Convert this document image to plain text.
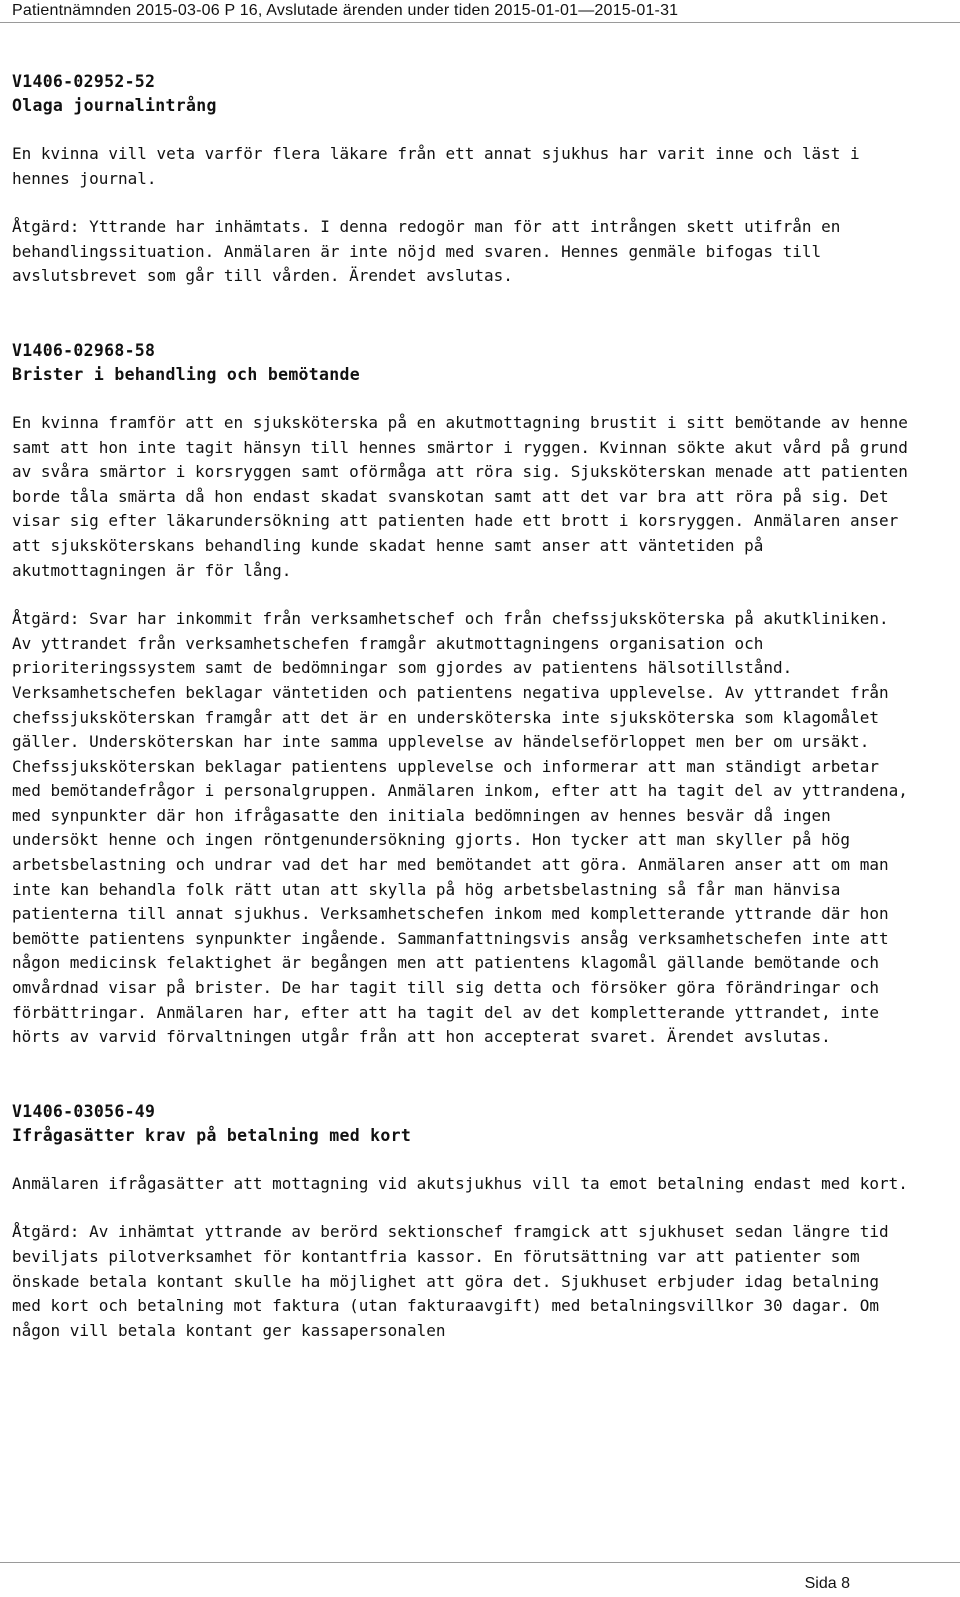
Patientnämnden 2015-03-06 P 16, Avslutade ärenden under tiden 2015-01-01—2015-01-31

V1406-02952-52

Olaga journalintrång

En kvinna vill veta varför flera läkare från ett annat sjukhus har varit inne och läst i hennes journal.

Åtgärd: Yttrande har inhämtats. I denna redogör man för att intrången skett utifrån en behandlingssituation. Anmälaren är inte nöjd med svaren. Hennes genmäle bifogas till avslutsbrevet som går till vården. Ärendet avslutas.

V1406-02968-58

Brister i behandling och bemötande

En kvinna framför att en sjuksköterska på en akutmottagning brustit i sitt bemötande av henne samt att hon inte tagit hänsyn till hennes smärtor i ryggen. Kvinnan sökte akut vård på grund av svåra smärtor i korsryggen samt oförmåga att röra sig. Sjuksköterskan menade att patienten borde tåla smärta då hon endast skadat svanskotan samt att det var bra att röra på sig. Det visar sig efter läkarundersökning att patienten hade ett brott i korsryggen. Anmälaren anser att sjuksköterskans behandling kunde skadat henne samt anser att väntetiden på akutmottagningen är för lång.

Åtgärd: Svar har inkommit från verksamhetschef och från chefssjuksköterska på akutkliniken. Av yttrandet från verksamhetschefen framgår akutmottagningens organisation och prioriteringssystem samt de bedömningar som gjordes av patientens hälsotillstånd. Verksamhetschefen beklagar väntetiden och patientens negativa upplevelse. Av yttrandet från chefssjuksköterskan framgår att det är en undersköterska inte sjuksköterska som klagomålet gäller. Undersköterskan har inte samma upplevelse av händelseförloppet men ber om ursäkt. Chefssjuksköterskan beklagar patientens upplevelse och informerar att man ständigt arbetar med bemötandefrågor i personalgruppen. Anmälaren inkom, efter att ha tagit del av yttrandena, med synpunkter där hon ifrågasatte den initiala bedömningen av hennes besvär då ingen undersökt henne och ingen röntgenundersökning gjorts. Hon tycker att man skyller på hög arbetsbelastning och undrar vad det har med bemötandet att göra. Anmälaren anser att om man inte kan behandla folk rätt utan att skylla på hög arbetsbelastning så får man hänvisa patienterna till annat sjukhus. Verksamhetschefen inkom med kompletterande yttrande där hon bemötte patientens synpunkter ingående. Sammanfattningsvis ansåg verksamhetschefen inte att någon medicinsk felaktighet är begången men att patientens klagomål gällande bemötande och omvårdnad visar på brister. De har tagit till sig detta och försöker göra förändringar och förbättringar. Anmälaren har, efter att ha tagit del av det kompletterande yttrandet, inte hörts av varvid förvaltningen utgår från att hon accepterat svaret. Ärendet avslutas.

V1406-03056-49

Ifrågasätter krav på betalning med kort

Anmälaren ifrågasätter att mottagning vid akutsjukhus vill ta emot betalning endast med kort.

Åtgärd: Av inhämtat yttrande av berörd sektionschef framgick att sjukhuset sedan längre tid beviljats pilotverksamhet för kontantfria kassor. En förutsättning var att patienter som önskade betala kontant skulle ha möjlighet att göra det. Sjukhuset erbjuder idag betalning med kort och betalning mot faktura (utan fakturaavgift) med betalningsvillkor 30 dagar. Om någon vill betala kontant ger kassapersonalen

Sida 8
